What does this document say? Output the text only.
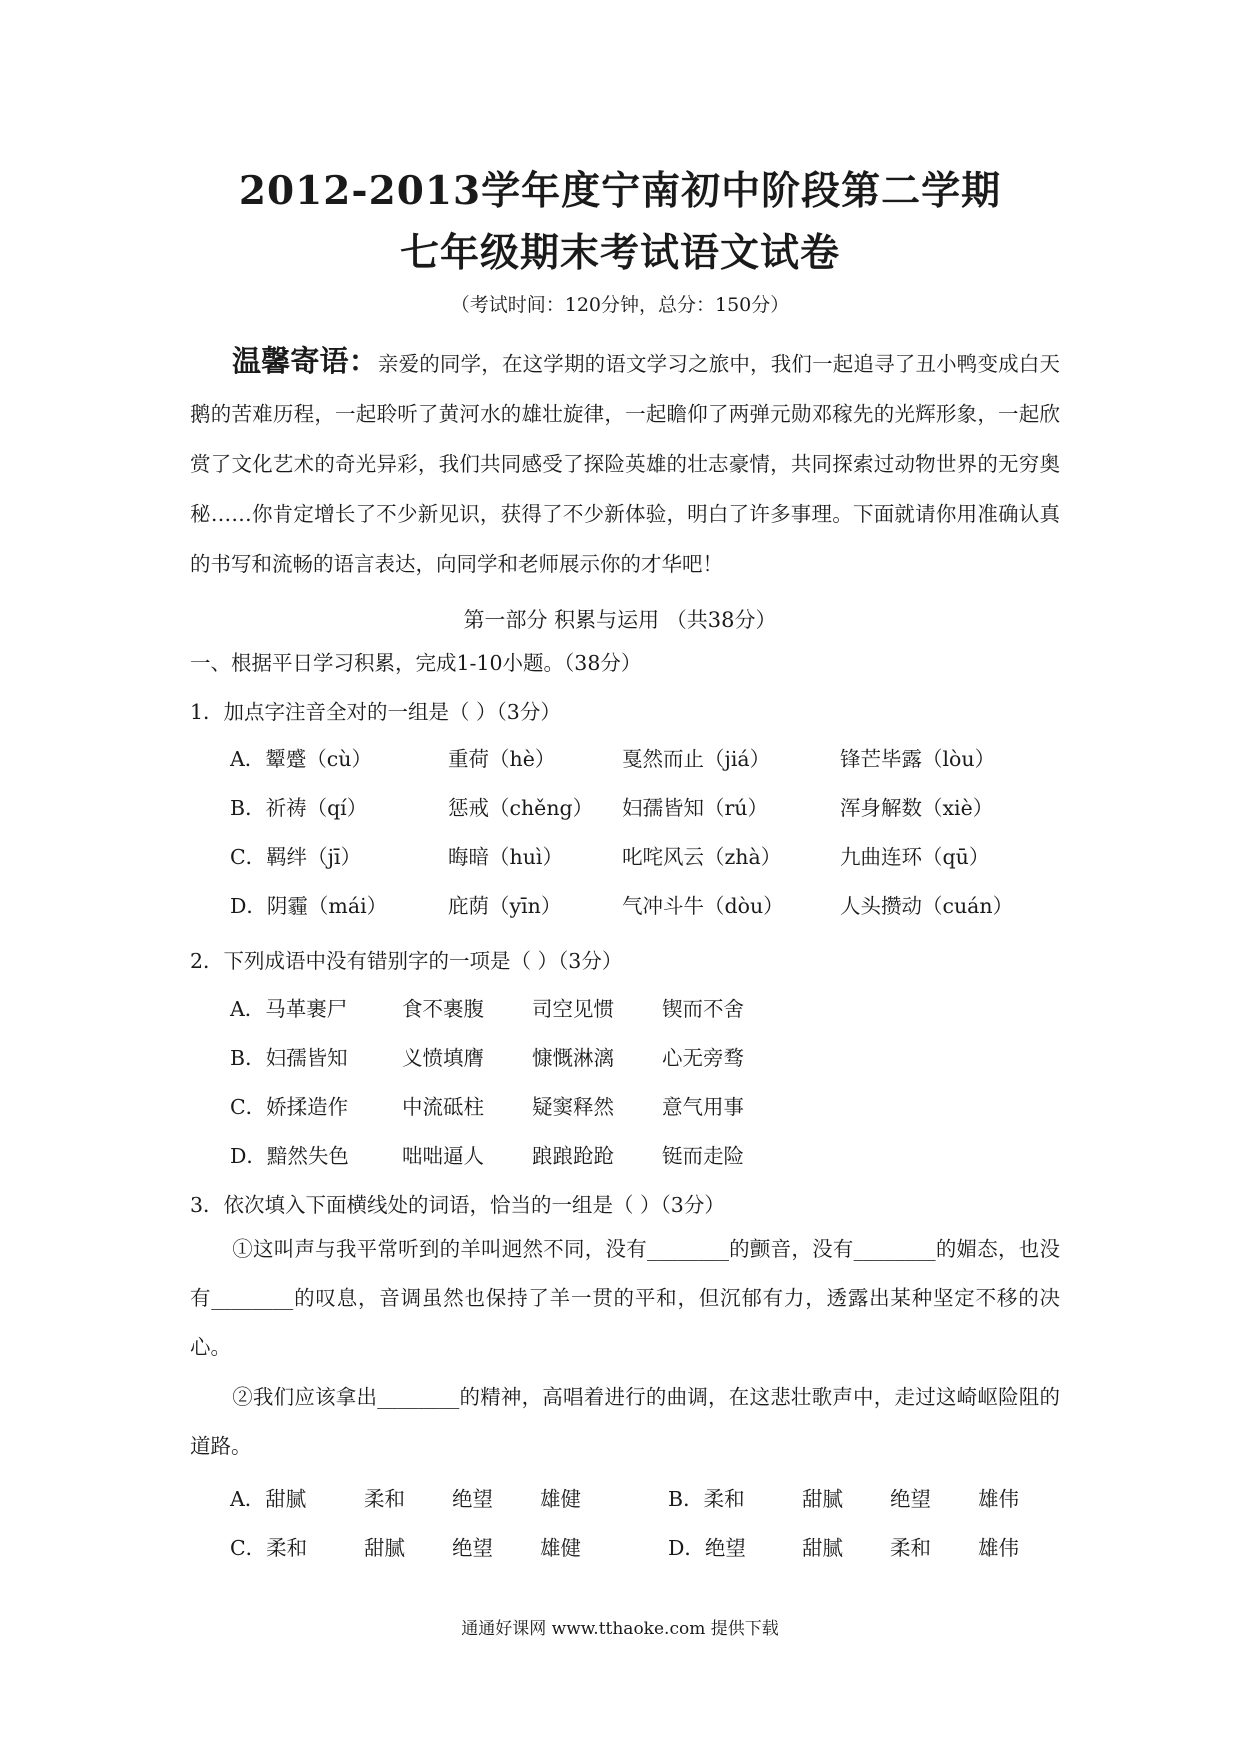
2012-2013学年度宁南初中阶段第二学期
七年级期末考试语文试卷
（考试时间：120分钟，总分：150分）
温馨寄语：亲爱的同学，在这学期的语文学习之旅中，我们一起追寻了丑小鸭变成白天鹅的苦难历程，一起聆听了黄河水的雄壮旋律，一起瞻仰了两弹元勋邓稼先的光辉形象，一起欣赏了文化艺术的奇光异彩，我们共同感受了探险英雄的壮志豪情，共同探索过动物世界的无穷奥秘……你肯定增长了不少新见识，获得了不少新体验，明白了许多事理。下面就请你用准确认真的书写和流畅的语言表达，向同学和老师展示你的才华吧！
第一部分 积累与运用 （共38分）
一、根据平日学习积累，完成1-10小题。（38分）
1．加点字注音全对的一组是（ ）（3分）
A．颦蹙（cù）	重荷（hè）	戛然而止（jiá）	锋芒毕露（lòu）
B．祈祷（qí）	惩戒（chěng） 妇孺皆知（rú）	浑身解数（xiè）
C．羁绊（jī）	晦暗（huì）	叱咤风云（zhà）	九曲连环（qū）
D．阴霾（mái）	庇荫（yīn）	气冲斗牛（dòu）	人头攒动（cuán）
2．下列成语中没有错别字的一项是（ ）（3分）
A．马革裹尸	食不裹腹 司空见惯 锲而不舍
B．妇孺皆知	义愤填膺 慷慨淋漓 心无旁骛
C．娇揉造作	中流砥柱 疑窦释然 意气用事
D．黯然失色	咄咄逼人 踉踉跄跄 铤而走险
3．依次填入下面横线处的词语，恰当的一组是（ ）（3分）
①这叫声与我平常听到的羊叫迥然不同，没有________的颤音，没有________的媚态，也没有________的叹息，音调虽然也保持了羊一贯的平和，但沉郁有力，透露出某种坚定不移的决心。
②我们应该拿出________的精神，高唱着进行的曲调，在这悲壮歌声中，走过这崎岖险阻的道路。
A．甜腻	柔和 绝望 雄健	B．柔和	甜腻 绝望 雄伟
C．柔和	甜腻 绝望 雄健	D．绝望	甜腻 柔和 雄伟
通通好课网 www.tthaoke.com 提供下载
